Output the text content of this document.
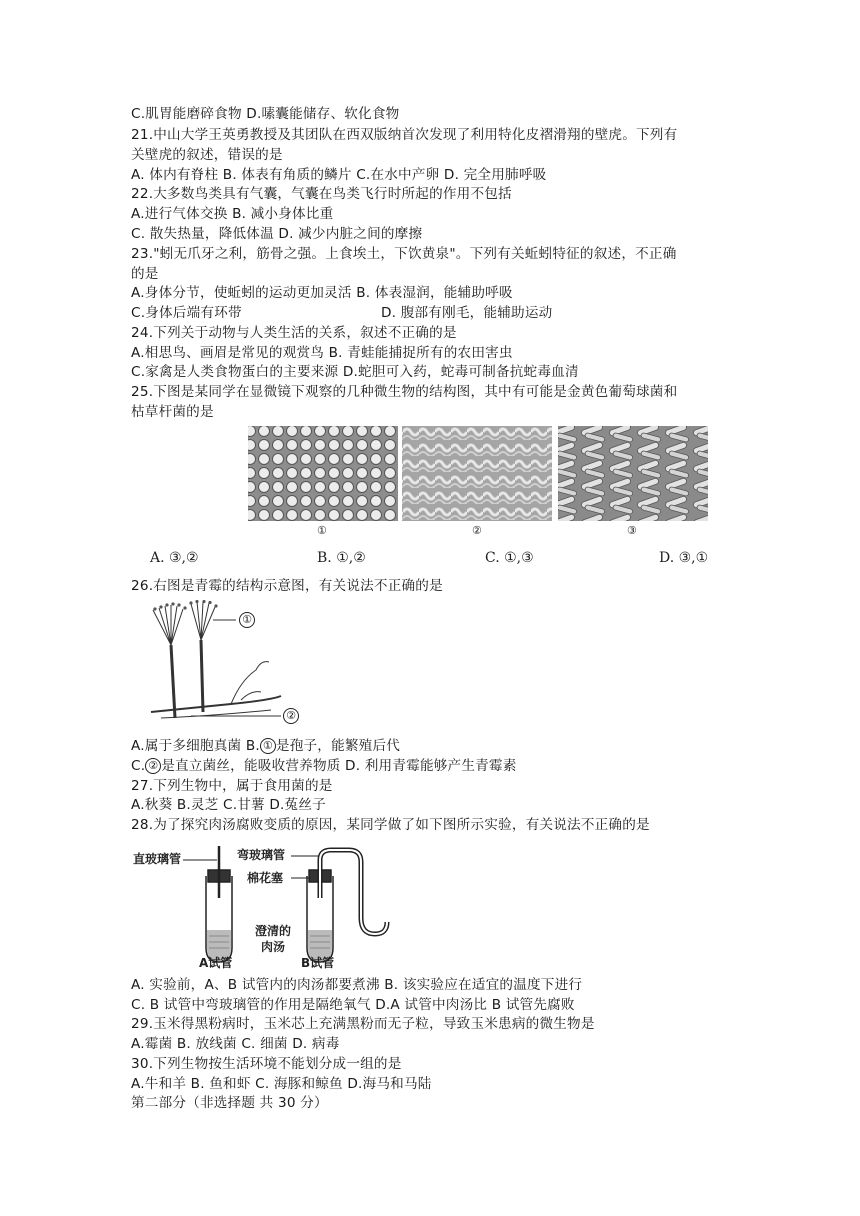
C.肌胃能磨碎食物 D.嗉囊能储存、软化食物
21.中山大学王英勇教授及其团队在西双版纳首次发现了利用特化皮褶滑翔的壁虎。下列有
关壁虎的叙述，错误的是
A. 体内有脊柱 B. 体表有角质的鳞片 C.在水中产卵 D. 完全用肺呼吸
22.大多数鸟类具有气囊，气囊在鸟类飞行时所起的作用不包括
A.进行气体交换 B. 减小身体比重
C. 散失热量，降低体温 D. 减少内脏之间的摩擦
23."蚓无爪牙之利，筋骨之强。上食埃土，下饮黄泉"。下列有关蚯蚓特征的叙述，不正确
的是
A.身体分节，使蚯蚓的运动更加灵活 B. 体表湿润，能辅助呼吸
C.身体后端有环带	D. 腹部有刚毛，能辅助运动
24.下列关于动物与人类生活的关系，叙述不正确的是
A.相思鸟、画眉是常见的观赏鸟 B. 青蛙能捕捉所有的农田害虫
C.家禽是人类食物蛋白的主要来源 D.蛇胆可入药，蛇毒可制备抗蛇毒血清
25.下图是某同学在显微镜下观察的几种微生物的结构图，其中有可能是金黄色葡萄球菌和
枯草杆菌的是
①	②	③
A. ③,②	B. ①,②	C. ①,③	D. ③,①
26.右图是青霉的结构示意图，有关说法不正确的是
①
②
A.属于多细胞真菌 B. ① 是孢子，能繁殖后代
C. ② 是直立菌丝，能吸收营养物质 D. 利用青霉能够产生青霉素
27.下列生物中，属于食用菌的是
A.秋葵 B.灵芝 C.甘薯 D.菟丝子
28.为了探究肉汤腐败变质的原因，某同学做了如下图所示实验，有关说法不正确的是
直玻璃管	弯玻璃管
棉花塞
澄清的
肉汤
A试管	B试管
A. 实验前，A、B 试管内的肉汤都要煮沸 B. 该实验应在适宜的温度下进行
C. B 试管中弯玻璃管的作用是隔绝氧气 D.A 试管中肉汤比 B 试管先腐败
29.玉米得黑粉病时，玉米芯上充满黑粉而无子粒，导致玉米患病的微生物是
A.霉菌 B. 放线菌 C. 细菌 D. 病毒
30.下列生物按生活环境不能划分成一组的是
A.牛和羊 B. 鱼和虾 C. 海豚和鲸鱼 D.海马和马陆
第二部分（非选择题 共 30 分）
